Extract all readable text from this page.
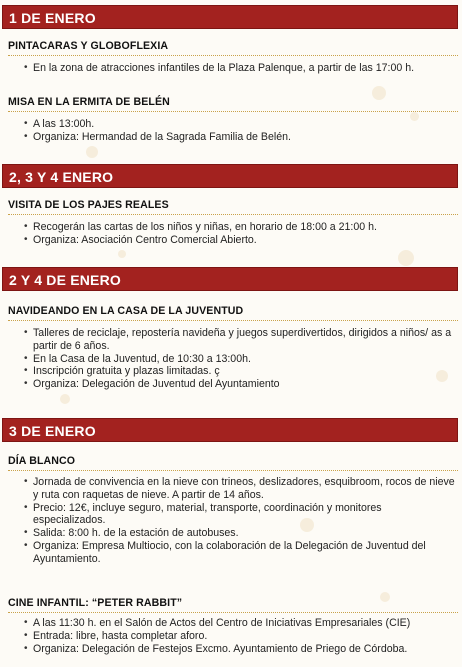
1 DE ENERO
PINTACARAS Y GLOBOFLEXIA
• En la zona de atracciones infantiles de la Plaza Palenque, a partir de las 17:00 h.
MISA EN LA ERMITA DE BELÉN
• A las 13:00h.
• Organiza: Hermandad de la Sagrada Familia de Belén.
2, 3 Y 4 ENERO
VISITA DE LOS PAJES REALES
• Recogerán las cartas de los niños y niñas, en horario de 18:00 a 21:00 h.
• Organiza: Asociación Centro Comercial Abierto.
2 Y 4 DE ENERO
NAVIDEANDO EN LA CASA DE LA JUVENTUD
• Talleres de reciclaje, repostería navideña y juegos superdivertidos, dirigidos a niños/ as a partir de 6 años.
• En la Casa de la Juventud, de 10:30 a 13:00h.
• Inscripción gratuita y plazas limitadas. ç
• Organiza: Delegación de Juventud del Ayuntamiento
3 DE ENERO
DÍA BLANCO
• Jornada de convivencia en la nieve con trineos, deslizadores, esquibroom, rocos de nieve y ruta con raquetas de nieve. A partir de 14 años.
• Precio: 12€, incluye seguro, material, transporte, coordinación y monitores especializados.
• Salida: 8:00 h. de la estación de autobuses.
• Organiza: Empresa Multiocio, con la colaboración de la Delegación de Juventud del Ayuntamiento.
CINE INFANTIL: “PETER RABBIT”
• A las 11:30 h. en el Salón de Actos del Centro de Iniciativas Empresariales (CIE)
• Entrada: libre, hasta completar aforo.
• Organiza: Delegación de Festejos Excmo. Ayuntamiento de Priego de Córdoba.
